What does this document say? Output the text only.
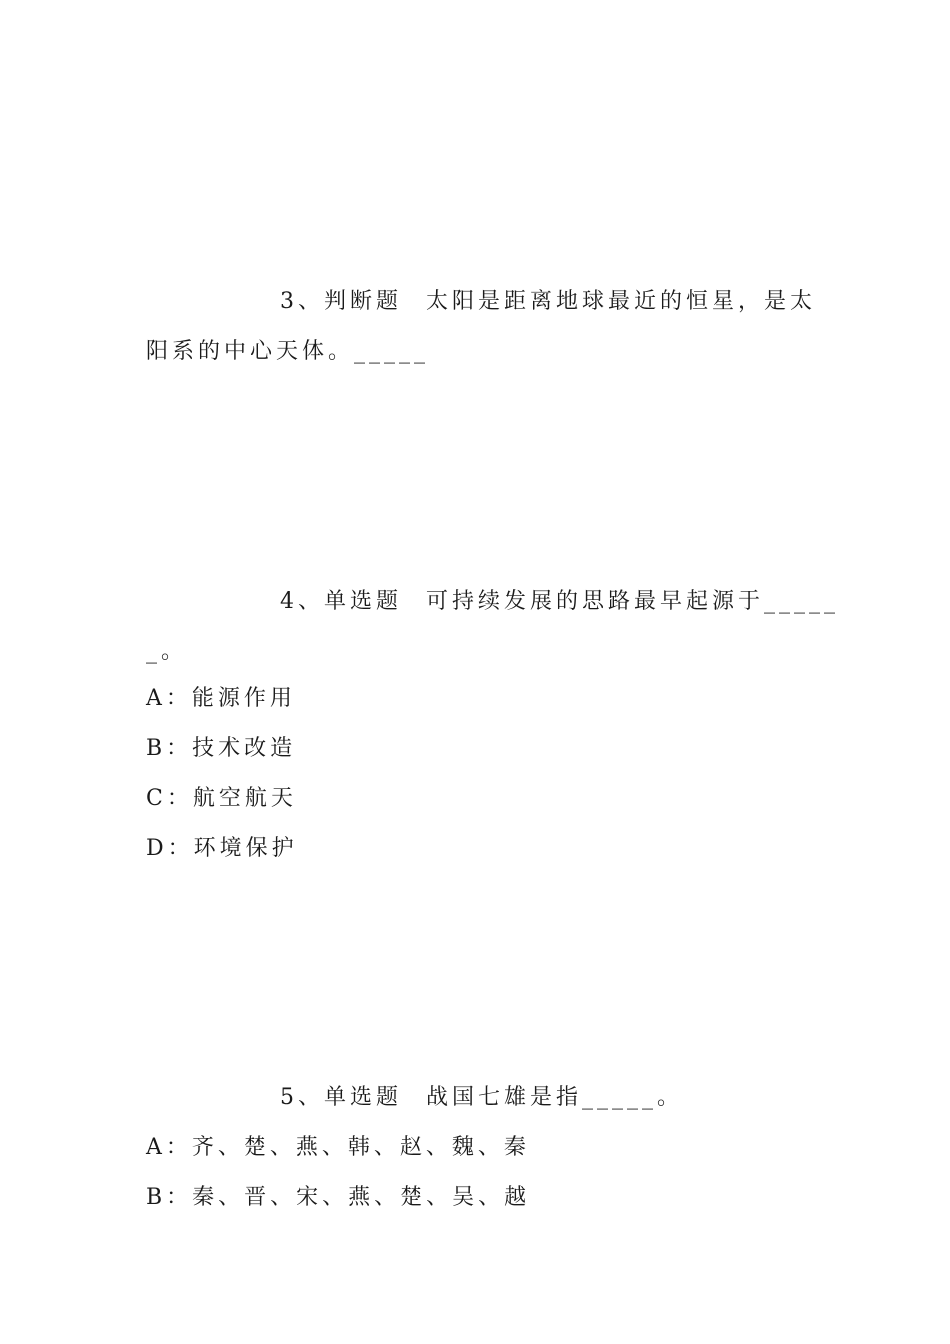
3、判断题 太阳是距离地球最近的恒星，是太
阳系的中心天体。_____
4、单选题 可持续发展的思路最早起源于_____
_。
A：能源作用
B：技术改造
C：航空航天
D：环境保护
5、单选题 战国七雄是指_____。
A：齐、楚、燕、韩、赵、魏、秦
B：秦、晋、宋、燕、楚、吴、越
